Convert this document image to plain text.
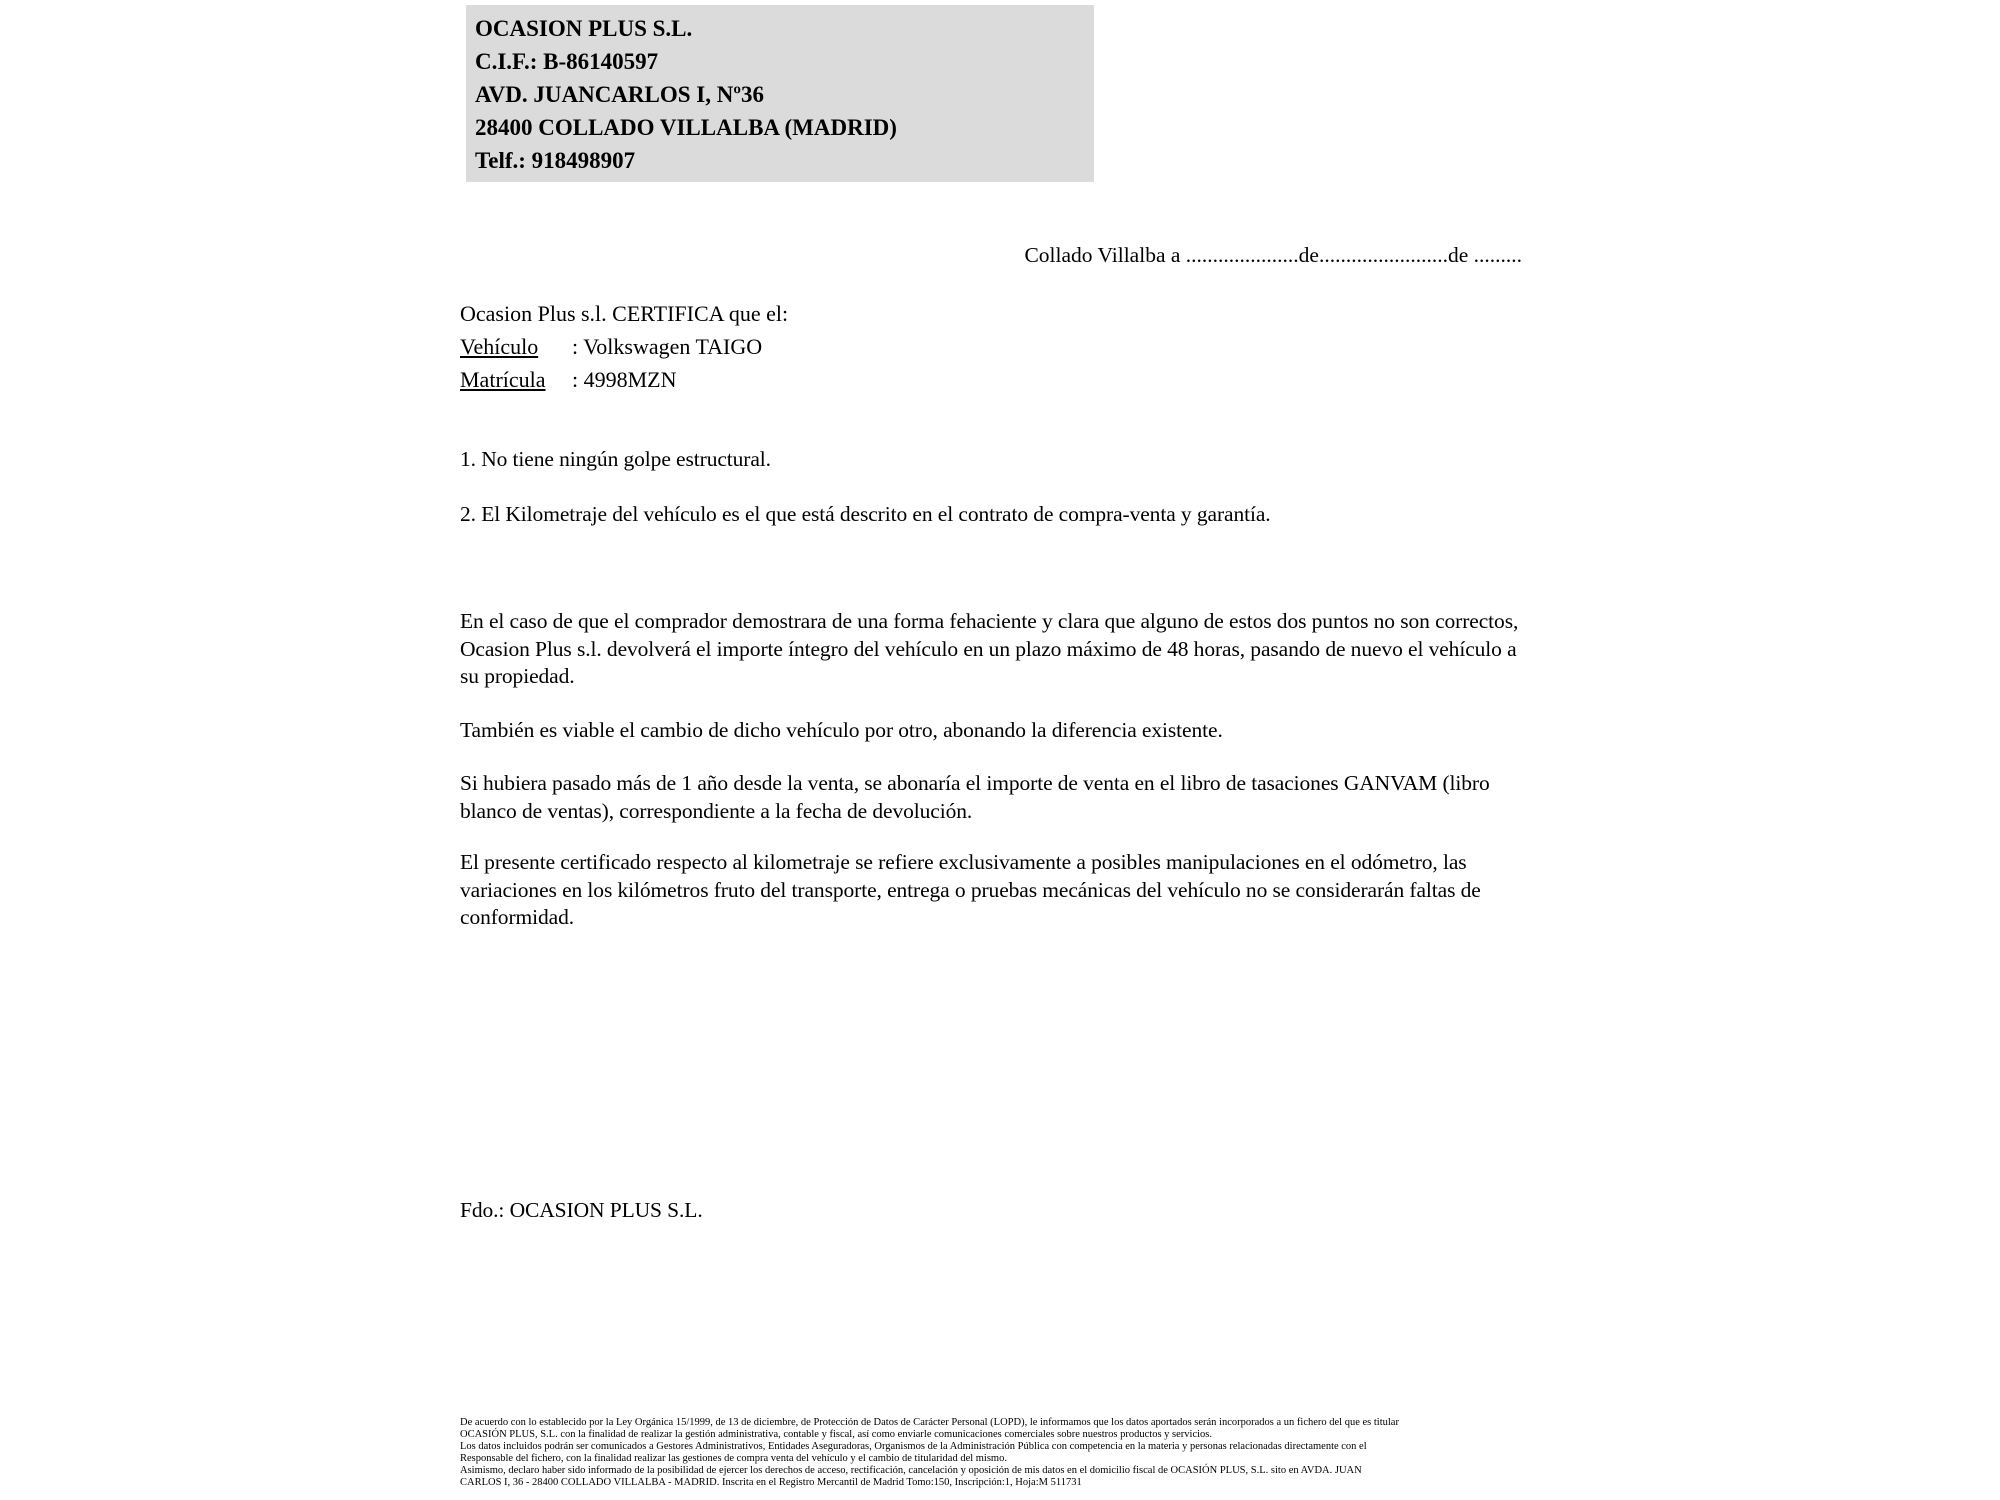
OCASION PLUS S.L.
C.I.F.: B-86140597
AVD. JUANCARLOS I, Nº36
28400 COLLADO VILLALBA (MADRID)
Telf.: 918498907
Collado Villalba a .....................de........................de .........
Ocasion Plus s.l. CERTIFICA que el:
Vehículo : Volkswagen TAIGO
Matrícula : 4998MZN
1. No tiene ningún golpe estructural.
2. El Kilometraje del vehículo es el que está descrito en el contrato de compra-venta y garantía.
En el caso de que el comprador demostrara de una forma fehaciente y clara que alguno de estos dos puntos no son correctos, Ocasion Plus s.l. devolverá el importe íntegro del vehículo en un plazo máximo de 48 horas, pasando de nuevo el vehículo a su propiedad.
También es viable el cambio de dicho vehículo por otro, abonando la diferencia existente.
Si hubiera pasado más de 1 año desde la venta, se abonaría el importe de venta en el libro de tasaciones GANVAM (libro blanco de ventas), correspondiente a la fecha de devolución.
El presente certificado respecto al kilometraje se refiere exclusivamente a posibles manipulaciones en el odómetro, las variaciones en los kilómetros fruto del transporte, entrega o pruebas mecánicas del vehículo no se considerarán faltas de conformidad.
Fdo.: OCASION PLUS S.L.
De acuerdo con lo establecido por la Ley Orgánica 15/1999, de 13 de diciembre, de Protección de Datos de Carácter Personal (LOPD), le informamos que los datos aportados serán incorporados a un fichero del que es titular
OCASIÓN PLUS, S.L. con la finalidad de realizar la gestión administrativa, contable y fiscal, así como enviarle comunicaciones comerciales sobre nuestros productos y servicios.
Los datos incluidos podrán ser comunicados a Gestores Administrativos, Entidades Aseguradoras, Organismos de la Administración Pública con competencia en la materia y personas relacionadas directamente con el
Responsable del fichero, con la finalidad realizar las gestiones de compra venta del vehículo y el cambio de titularidad del mismo.
Asimismo, declaro haber sido informado de la posibilidad de ejercer los derechos de acceso, rectificación, cancelación y oposición de mis datos en el domicilio fiscal de OCASIÓN PLUS, S.L. sito en AVDA. JUAN
CARLOS I, 36 - 28400 COLLADO VILLALBA - MADRID. Inscrita en el Registro Mercantil de Madrid Tomo:150, Inscripción:1, Hoja:M 511731
